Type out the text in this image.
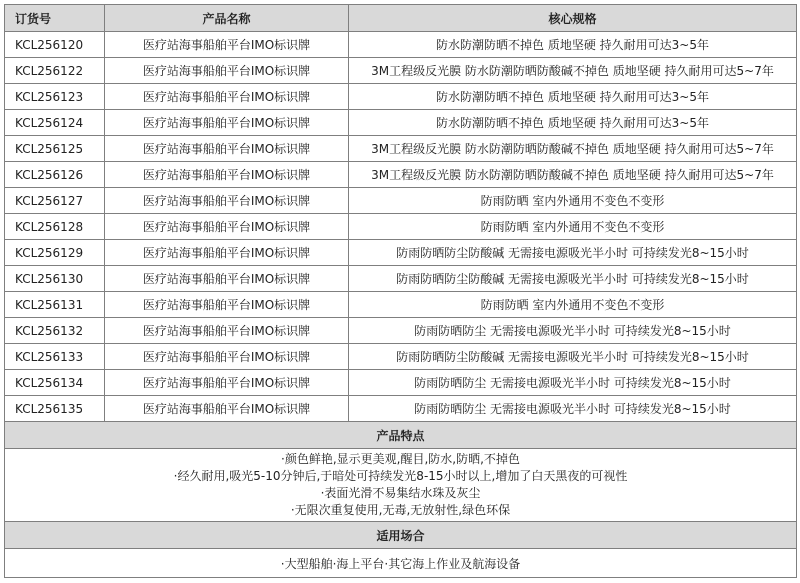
订货号	产品名称	核心规格
KCL256120	医疗站海事船舶平台IMO标识牌	防水防潮防晒不掉色 质地坚硬 持久耐用可达3~5年
KCL256122	医疗站海事船舶平台IMO标识牌	3M工程级反光膜 防水防潮防晒防酸碱不掉色 质地坚硬 持久耐用可达5~7年
KCL256123	医疗站海事船舶平台IMO标识牌	防水防潮防晒不掉色 质地坚硬 持久耐用可达3~5年
KCL256124	医疗站海事船舶平台IMO标识牌	防水防潮防晒不掉色 质地坚硬 持久耐用可达3~5年
KCL256125	医疗站海事船舶平台IMO标识牌	3M工程级反光膜 防水防潮防晒防酸碱不掉色 质地坚硬 持久耐用可达5~7年
KCL256126	医疗站海事船舶平台IMO标识牌	3M工程级反光膜 防水防潮防晒防酸碱不掉色 质地坚硬 持久耐用可达5~7年
KCL256127	医疗站海事船舶平台IMO标识牌	防雨防晒 室内外通用不变色不变形
KCL256128	医疗站海事船舶平台IMO标识牌	防雨防晒 室内外通用不变色不变形
KCL256129	医疗站海事船舶平台IMO标识牌	防雨防晒防尘防酸碱 无需接电源吸光半小时 可持续发光8~15小时
KCL256130	医疗站海事船舶平台IMO标识牌	防雨防晒防尘防酸碱 无需接电源吸光半小时 可持续发光8~15小时
KCL256131	医疗站海事船舶平台IMO标识牌	防雨防晒 室内外通用不变色不变形
KCL256132	医疗站海事船舶平台IMO标识牌	防雨防晒防尘 无需接电源吸光半小时 可持续发光8~15小时
KCL256133	医疗站海事船舶平台IMO标识牌	防雨防晒防尘防酸碱 无需接电源吸光半小时 可持续发光8~15小时
KCL256134	医疗站海事船舶平台IMO标识牌	防雨防晒防尘 无需接电源吸光半小时 可持续发光8~15小时
KCL256135	医疗站海事船舶平台IMO标识牌	防雨防晒防尘 无需接电源吸光半小时 可持续发光8~15小时
产品特点		

·颜色鲜艳,显示更美观,醒目,防水,防晒,不掉色
·经久耐用,吸光5-10分钟后,于暗处可持续发光8-15小时以上,增加了白天黑夜的可视性
·表面光滑不易集结水珠及灰尘
·无限次重复使用,无毒,无放射性,绿色环保		

适用场合		
·大型船舶·海上平台·其它海上作业及航海设备		
